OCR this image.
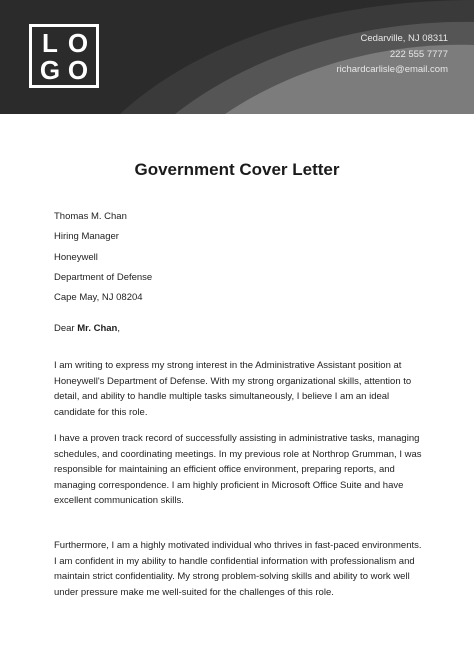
L O
G O
Cedarville, NJ 08311
222 555 7777
richardcarlisle@email.com
Government Cover Letter
Thomas M. Chan
Hiring Manager
Honeywell
Department of Defense
Cape May, NJ 08204
Dear Mr. Chan,
I am writing to express my strong interest in the Administrative Assistant position at Honeywell's Department of Defense. With my strong organizational skills, attention to detail, and ability to handle multiple tasks simultaneously, I believe I am an ideal candidate for this role.
I have a proven track record of successfully assisting in administrative tasks, managing schedules, and coordinating meetings. In my previous role at Northrop Grumman, I was responsible for maintaining an efficient office environment, preparing reports, and managing correspondence. I am highly proficient in Microsoft Office Suite and have excellent communication skills.
Furthermore, I am a highly motivated individual who thrives in fast-paced environments. I am confident in my ability to handle confidential information with professionalism and maintain strict confidentiality. My strong problem-solving skills and ability to work well under pressure make me well-suited for the challenges of this role.
